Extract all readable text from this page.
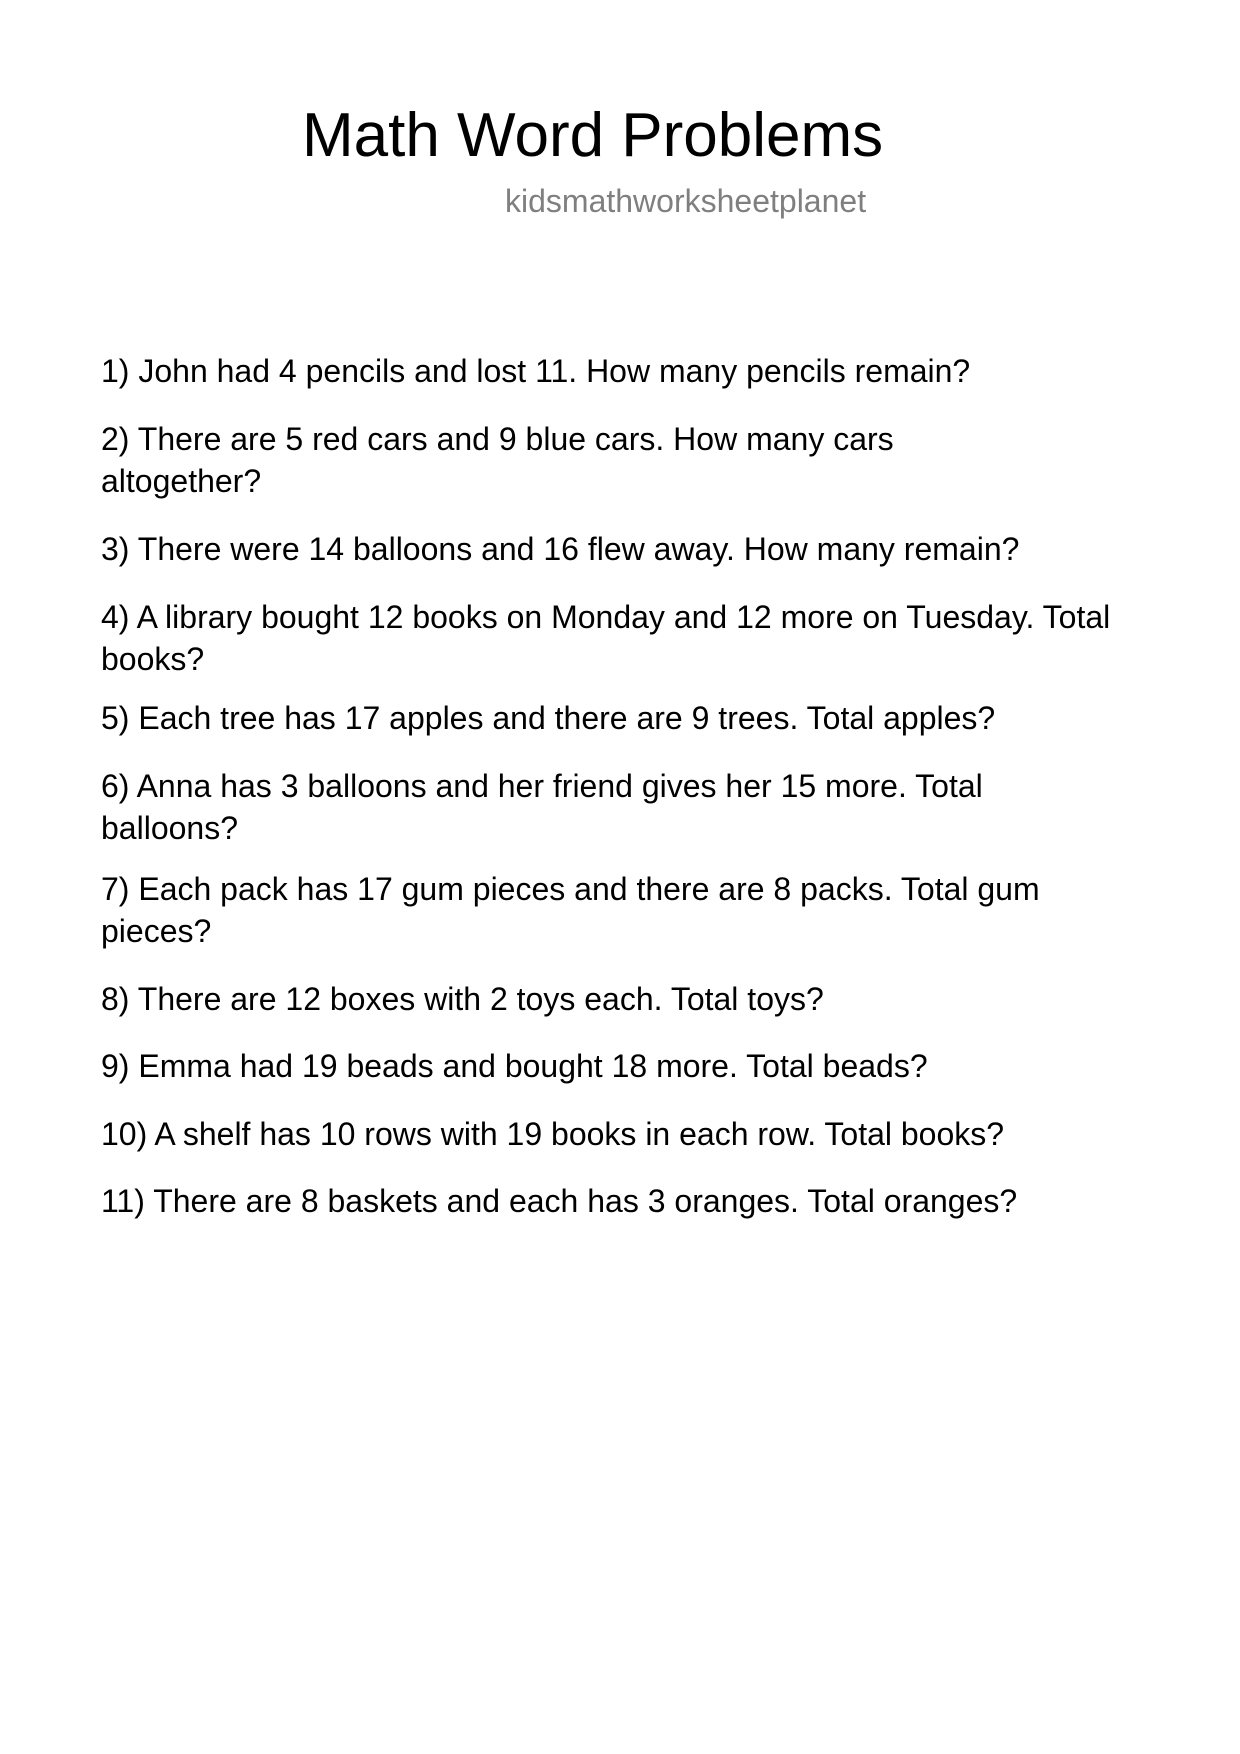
Math Word Problems
kidsmathworksheetplanet

1) John had 4 pencils and lost 11. How many pencils remain?

2) There are 5 red cars and 9 blue cars. How many cars altogether?

3) There were 14 balloons and 16 flew away. How many remain?

4) A library bought 12 books on Monday and 12 more on Tuesday. Total books?

5) Each tree has 17 apples and there are 9 trees. Total apples?

6) Anna has 3 balloons and her friend gives her 15 more. Total balloons?

7) Each pack has 17 gum pieces and there are 8 packs. Total gum pieces?

8) There are 12 boxes with 2 toys each. Total toys?

9) Emma had 19 beads and bought 18 more. Total beads?

10) A shelf has 10 rows with 19 books in each row. Total books?

11) There are 8 baskets and each has 3 oranges. Total oranges?
